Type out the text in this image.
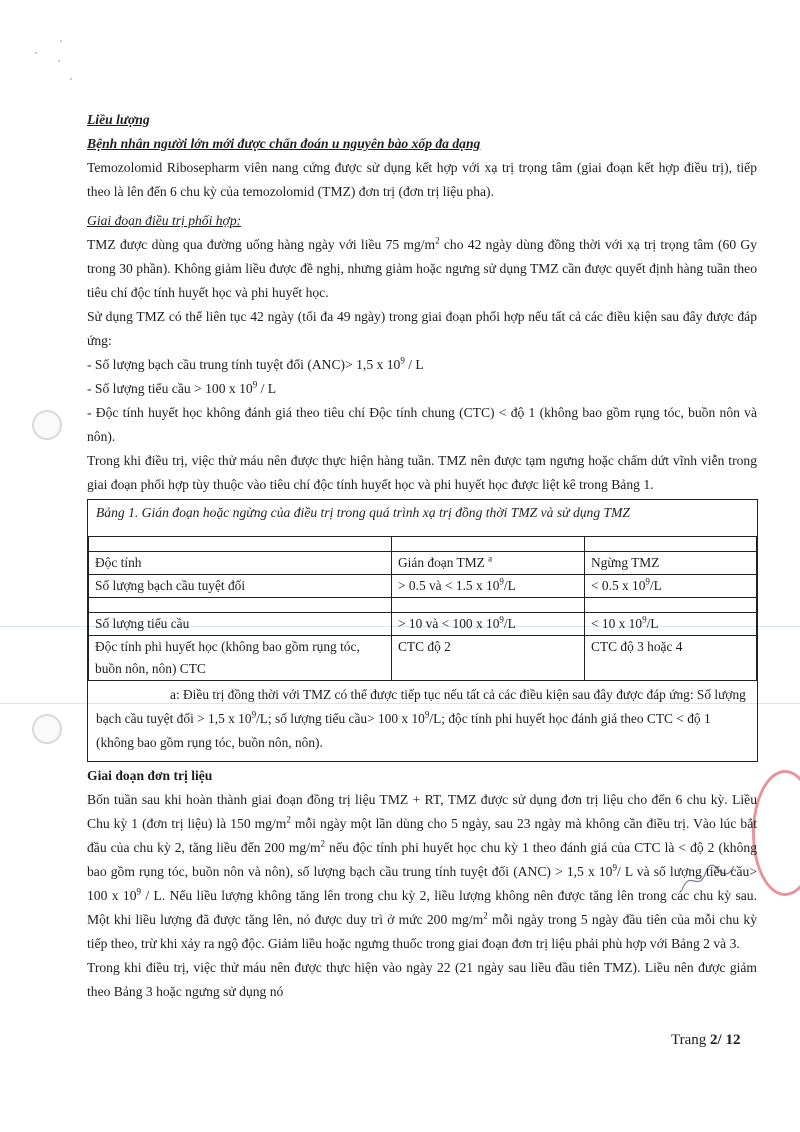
Liều lượng

Bệnh nhân người lớn mới được chẩn đoán u nguyên bào xốp đa dạng

Temozolomid Ribosepharm viên nang cứng được sử dụng kết hợp với xạ trị trọng tâm (giai đoạn kết hợp điều trị), tiếp theo là lên đến 6 chu kỳ của temozolomid (TMZ) đơn trị (đơn trị liệu pha).

Giai đoạn điều trị phối hợp:

TMZ được dùng qua đường uống hàng ngày với liều 75 $mg/m^2$ cho 42 ngày dùng đồng thời với xạ trị trọng tâm (60 Gy trong 30 phần). Không giảm liều được đề nghị, nhưng giảm hoặc ngưng sử dụng TMZ cần được quyết định hàng tuần theo tiêu chí độc tính huyết học và phi huyết học.

Sử dụng TMZ có thể liên tục 42 ngày (tối đa 49 ngày) trong giai đoạn phối hợp nếu tất cả các điều kiện sau đây được đáp ứng:

- Số lượng bạch cầu trung tính tuyệt đối (ANC)> 1,5 x $10^9$ / L

- Số lượng tiểu cầu > 100 x $10^9$ / L

- Độc tính huyết học không đánh giá theo tiêu chí Độc tính chung (CTC) < độ 1 (không bao gồm rụng tóc, buồn nôn và nôn).

Trong khi điều trị, việc thử máu nên được thực hiện hàng tuần. TMZ nên được tạm ngưng hoặc chấm dứt vĩnh viễn trong giai đoạn phối hợp tùy thuộc vào tiêu chí độc tính huyết học và phi huyết học được liệt kê trong Bảng 1.

Bảng 1. Gián đoạn hoặc ngừng của điều trị trong quá trình xạ trị đồng thời TMZ và sử dụng TMZ

Độc tính	Gián đoạn TMZ $^a$	Ngừng TMZ
Số lượng bạch cầu tuyệt đối	> 0.5 và < 1.5 x $10^9/L$	< 0.5 x $10^9/L$

Số lượng tiểu cầu	> 10 và < 100 x $10^9/L$	< 10 x $10^9/L$
Độc tính phi huyết học (không bao gồm rụng tóc, buồn nôn, nôn) CTC	CTC độ 2	CTC độ 3 hoặc 4
a: Điều trị đồng thời với TMZ có thể được tiếp tục nếu tất cả các điều kiện sau đây được đáp ứng: Số lượng bạch cầu tuyệt đối > 1,5 x $10^9/L$; số lượng tiểu cầu> 100 x $10^9/L$; độc tính phi huyết học đánh giá theo CTC < độ 1 (không bao gồm rụng tóc, buồn nôn, nôn).

Giai đoạn đơn trị liệu

Bốn tuần sau khi hoàn thành giai đoạn đồng trị liệu TMZ + RT, TMZ được sử dụng đơn trị liệu cho đến 6 chu kỳ. Liều Chu kỳ 1 (đơn trị liệu) là 150 $mg/m^2$ mỗi ngày một lần dùng cho 5 ngày, sau 23 ngày mà không cần điều trị. Vào lúc bắt đầu của chu kỳ 2, tăng liều đến 200 $mg/m^2$ nếu độc tính phi huyết học chu kỳ 1 theo đánh giá của CTC là < độ 2 (không bao gồm rụng tóc, buồn nôn và nôn), số lượng bạch cầu trung tính tuyệt đối (ANC) > 1,5 x $10^9/$ L và số lượng tiểu cầu> 100 x $10^9$ / L. Nếu liều lượng không tăng lên trong chu kỳ 2, liều lượng không nên được tăng lên trong các chu kỳ sau. Một khi liều lượng đã được tăng lên, nó được duy trì ở mức 200 $mg/m^2$ mỗi ngày trong 5 ngày đầu tiên của mỗi chu kỳ tiếp theo, trừ khi xảy ra ngộ độc. Giảm liều hoặc ngưng thuốc trong giai đoạn đơn trị liệu phải phù hợp với Bảng 2 và 3.

Trong khi điều trị, việc thử máu nên được thực hiện vào ngày 22 (21 ngày sau liều đầu tiên TMZ). Liều nên được giảm theo Bảng 3 hoặc ngưng sử dụng nó

Trang 2/ 12
